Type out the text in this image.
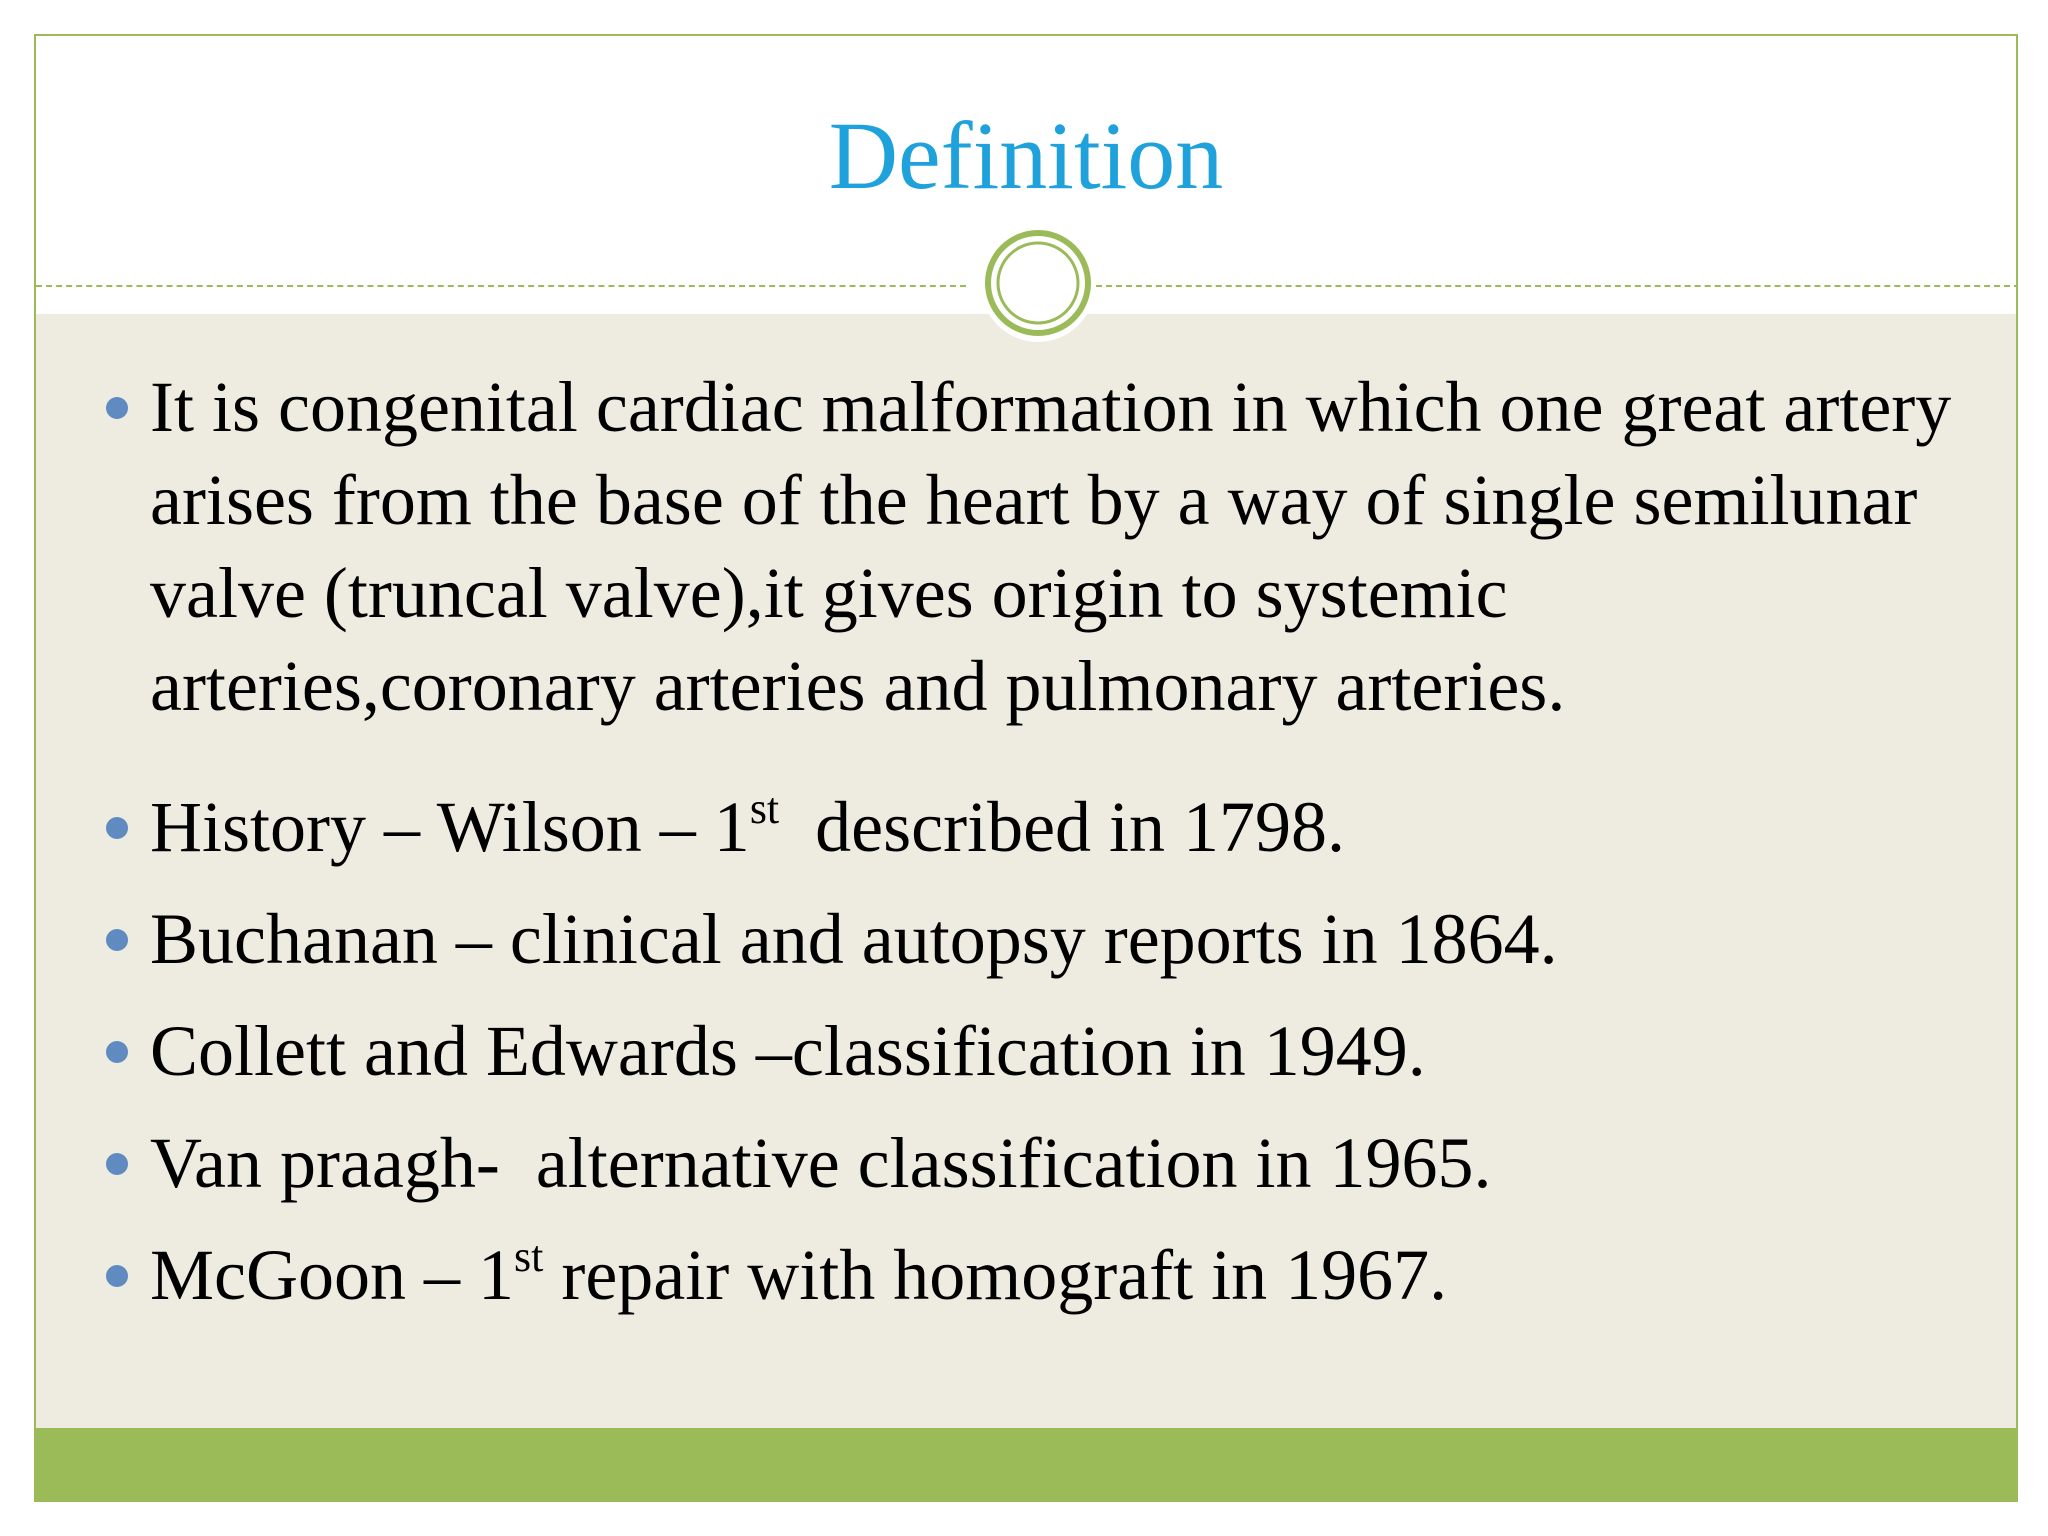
Definition
It is congenital cardiac malformation in which one great artery arises from the base of the heart by a way of single semilunar valve (truncal valve),it gives origin to systemic arteries,coronary arteries and pulmonary arteries.
History – Wilson – 1st  described in 1798.
Buchanan – clinical and autopsy reports in 1864.
Collett and Edwards –classification in 1949.
Van praagh-  alternative classification in 1965.
McGoon – 1st repair with homograft in 1967.
